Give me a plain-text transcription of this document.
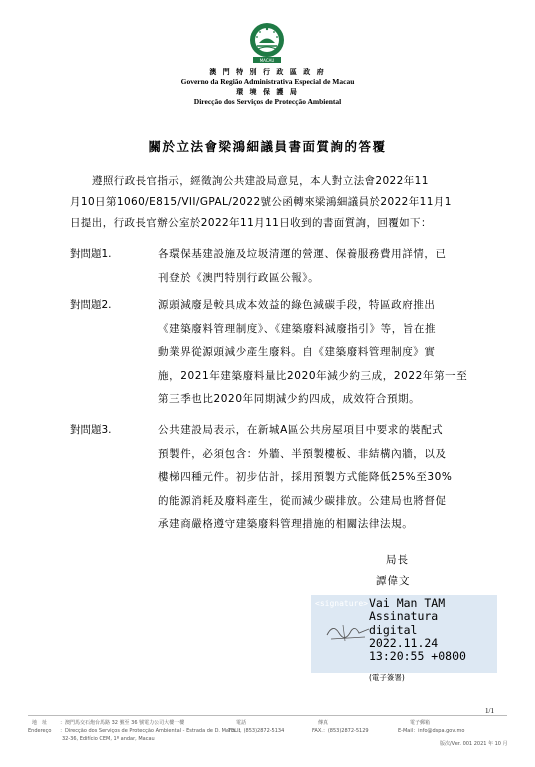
MACAU
澳 門 特 別 行 政 區 政 府
Governo da Região Administrativa Especial de Macau
環 境 保 護 局
Direcção dos Serviços de Protecção Ambiental
關於立法會梁鴻細議員書面質詢的答覆
遵照行政長官指示，經徵詢公共建設局意見，本人對立法會2022年11
月10日第1060/E815/VII/GPAL/2022號公函轉來梁鴻細議員於2022年11月1
日提出，行政長官辦公室於2022年11月11日收到的書面質詢，回覆如下：
對問題1.	各環保基建設施及垃圾清運的營運、保養服務費用詳情，已
刊登於《澳門特別行政區公報》。
對問題2.	源頭減廢是較具成本效益的綠色減碳手段，特區政府推出
《建築廢料管理制度》、《建築廢料減廢指引》等，旨在推
動業界從源頭減少產生廢料。自《建築廢料管理制度》實
施，2021年建築廢料量比2020年減少約三成，2022年第一至
第三季也比2020年同期減少約四成，成效符合預期。
對問題3.	公共建設局表示，在新城A區公共房屋項目中要求的裝配式
預製件，必須包含：外牆、半預製樓板、非結構內牆，以及
樓梯四種元件。初步估計，採用預製方式能降低25%至30%
的能源消耗及廢料產生，從而減少碳排放。公建局也將督促
承建商嚴格遵守建築廢料管理措施的相關法律法規。
局長
譚偉文
<signature> Vai Man TAM
Assinatura
digital
2022.11.24
13:20:55 +0800
(電子簽署)
1/1
地　址	：澳門馬交石炮台馬路 32 號至 36 號電力公司大樓一樓
Endereço ：Direcção dos Serviços de Protecção Ambiental - Estrada de D. Maria II,
32-36, Edifício CEM, 1º andar, Macau
電話
TEL.：(853)2872-5134
傳真
FAX.：(853)2872-5129
電子郵箱
E-Mail：info@dspa.gov.mo
版次/Ver. 001 2021 年 10 月
